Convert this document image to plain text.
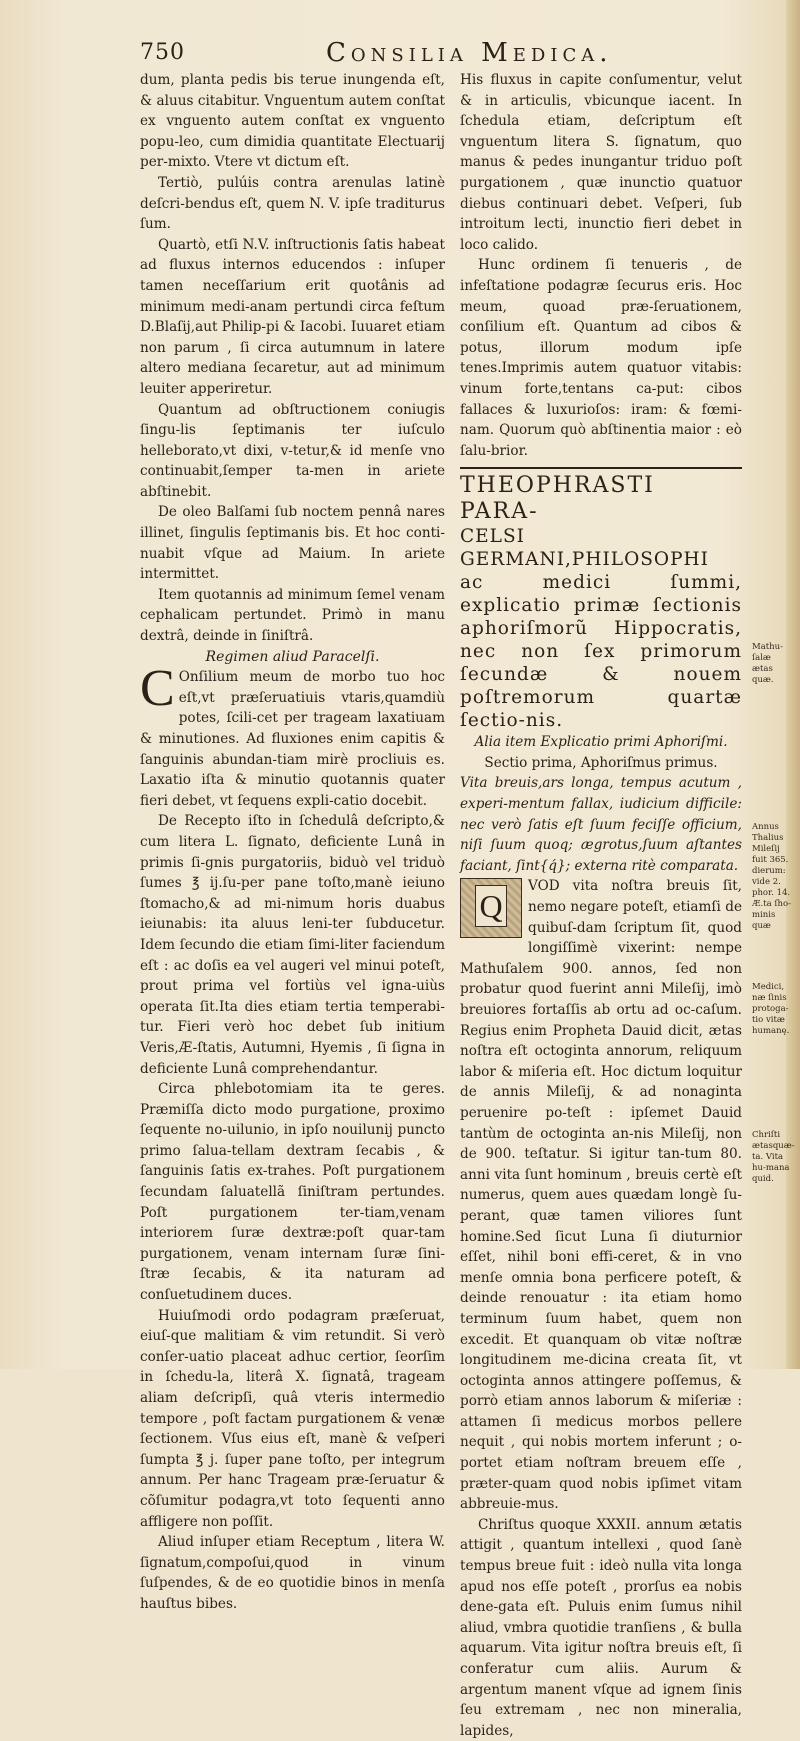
750	Consilia Medica.

dum, planta pedis bis terue inungenda eſt, & aluus citabitur. Vnguentum autem conſtat ex vnguento autem conſtat ex vnguento popu-leo, cum dimidia quantitate Electuarij per-mixto. Vtere vt dictum eſt.

Tertiò, pulúis contra arenulas latinè deſcri-bendus eſt, quem N. V. ipſe traditurus ſum.

Quartò, etſi N.V. inſtructionis ſatis habeat ad fluxus internos educendos : inſuper tamen neceſſarium erit quotânis ad minimum medi-anam pertundi circa feſtum D.Blaſij,aut Philip-pi & Iacobi. Iuuaret etiam non parum , ſi circa autumnum in latere altero mediana ſecaretur, aut ad minimum leuiter apperiretur.

Quantum ad obſtructionem coniugis ſingu-lis ſeptimanis ter iuſculo helleborato,vt dixi, v-tetur,& id menſe vno continuabit,ſemper ta-men in ariete abſtinebit.

De oleo Balſami ſub noctem pennâ nares illinet, ſingulis ſeptimanis bis. Et hoc conti-nuabit vſque ad Maium. In ariete intermittet.

Item quotannis ad minimum ſemel venam cephalicam pertundet. Primò in manu dextrâ, deinde in ſiniſtrâ.

Regimen aliud Paracelſi.

C Onſilium meum de morbo tuo hoc eſt,vt præſeruatiuis vtaris,quamdiù potes, ſcili-cet per trageam laxatiuam & minutiones. Ad fluxiones enim capitis & ſanguinis abundan-tiam mirè procliuis es. Laxatio iſta & minutio quotannis quater fieri debet, vt ſequens expli-catio docebit.

De Recepto iſto in ſchedulâ deſcripto,& cum litera L. ſignato, deficiente Lunâ in primis ſi-gnis purgatoriis, biduò vel triduò ſumes ℥ ij.ſu-per pane toſto,manè ieiuno ſtomacho,& ad mi-nimum horis duabus ieiunabis: ita aluus leni-ter ſubducetur. Idem ſecundo die etiam ſimi-liter faciendum eſt : ac doſis ea vel augeri vel minui poteſt, prout prima vel fortiùs vel igna-uiùs operata ſit.Ita dies etiam tertia temperabi-tur. Fieri verò hoc debet ſub initium Veris,Æ-ſtatis, Autumni, Hyemis , ſi ſigna in deficiente Lunâ comprehendantur.

Circa phlebotomiam ita te geres. Præmiſſa dicto modo purgatione, proximo ſequente no-uilunio, in ipſo nouilunij puncto primo ſalua-tellam dextram ſecabis , & ſanguinis ſatis ex-trahes. Poſt purgationem ſecundam ſaluatellã ſiniſtram pertundes. Poſt purgationem ter-tiam,venam interiorem ſuræ dextræ:poſt quar-tam purgationem, venam internam ſuræ ſini-ſtræ ſecabis, & ita naturam ad conſuetudinem duces.

Huiuſmodi ordo podagram præſeruat, eiuſ-que malitiam & vim retundit. Si verò conſer-uatio placeat adhuc certior, ſeorſim in ſchedu-la, literâ X. ſignatâ, trageam aliam deſcripſi, quâ vteris intermedio tempore , poſt factam purgationem & venæ ſectionem. Vſus eius eſt, manè & veſperi ſumpta ℥ j. ſuper pane toſto, per integrum annum. Per hanc Trageam præ-ſeruatur & cõſumitur podagra,vt toto ſequenti anno affligere non poſſit.

Aliud inſuper etiam Receptum , litera W. ſignatum,compoſui,quod in vinum ſuſpendes, & de eo quotidie binos in menſa hauſtus bibes.

His fluxus in capite conſumentur, velut & in articulis, vbicunque iacent. In ſchedula etiam, deſcriptum eſt vnguentum litera S. ſignatum, quo manus & pedes inungantur triduo poſt purgationem , quæ inunctio quatuor diebus continuari debet. Veſperi, ſub introitum lecti, inunctio fieri debet in loco calido.

Hunc ordinem ſi tenueris , de infeſtatione podagræ ſecurus eris. Hoc meum, quoad præ-ſeruationem, conſilium eſt. Quantum ad cibos & potus, illorum modum ipſe tenes.Imprimis autem quatuor vitabis: vinum forte,tentans ca-put: cibos fallaces & luxurioſos: iram: & fœmi-nam. Quorum quò abſtinentia maior : eò ſalu-brior.

THEOPHRASTI PARA-

CELSI GERMANI,PHILOSOPHI

ac medici ſummi, explicatio primæ ſectionis aphoriſmorũ Hippocratis, nec non ſex primorum ſecundæ & nouem poſtremorum quartæ ſectio-nis.

Alia item Explicatio primi Aphoriſmi.

Sectio prima, Aphoriſmus primus.

Vita breuis,ars longa, tempus acutum , experi-mentum fallax, iudicium difficile: nec verò ſatis eſt ſuum feciſſe officium, niſi ſuum quoq; ægrotus,ſuum aſtantes faciant, ſint{q́}; externa ritè comparata.

Q
VOD vita noſtra breuis ſit, nemo negare poteſt, etiamſi de quibuſ-dam ſcriptum ſit, quod longiſſimè vixerint: nempe Mathuſalem 900. annos, ſed non probatur quod fuerint anni Mileſij, imò breuiores fortaſſis ab ortu ad oc-caſum. Regius enim Propheta Dauid dicit, ætas noſtra eſt octoginta annorum, reliquum labor & miſeria eſt. Hoc dictum loquitur de annis Mileſij, & ad nonaginta peruenire po-teſt : ipſemet Dauid tantùm de octoginta an-nis Mileſij, non de 900. teſtatur. Si igitur tan-tum 80. anni vita ſunt hominum , breuis certè eſt numerus, quem aues quædam longè ſu-perant, quæ tamen viliores ſunt homine.Sed ſicut Luna ſi diuturnior eſſet, nihil boni effi-ceret, & in vno menſe omnia bona perficere poteſt, & deinde renouatur : ita etiam homo terminum ſuum habet, quem non excedit. Et quanquam ob vitæ noſtræ longitudinem me-dicina creata ſit, vt octoginta annos attingere poſſemus, & porrò etiam annos laborum & miſeriæ : attamen ſi medicus morbos pellere nequit , qui nobis mortem inferunt ; o-portet etiam noſtram breuem eſſe , præter-quam quod nobis ipſimet vitam abbreuie-mus.

Chriſtus quoque XXXII. annum ætatis attigit , quantum intellexi , quod ſanè tempus breue fuit : ideò nulla vita longa apud nos eſſe poteſt , prorſus ea nobis dene-gata eſt. Puluis enim ſumus nihil aliud, vmbra quotidie tranſiens , & bulla aquarum. Vita igitur noſtra breuis eſt, ſi conferatur cum aliis. Aurum & argentum manent vſque ad ignem ſinis ſeu extremam , nec non mineralia, lapides,

Mathu-ſalæ ætas quæ.
Annus Thalius Mileſij fuit 365. dierum: vide 2. phor. 14. Æ.ta ſho-minis quæ
Medici, næ ſinis protoga-tio vitæ humanę.
Chriſti ætasquæ-ta. Vita hu-mana quid.
